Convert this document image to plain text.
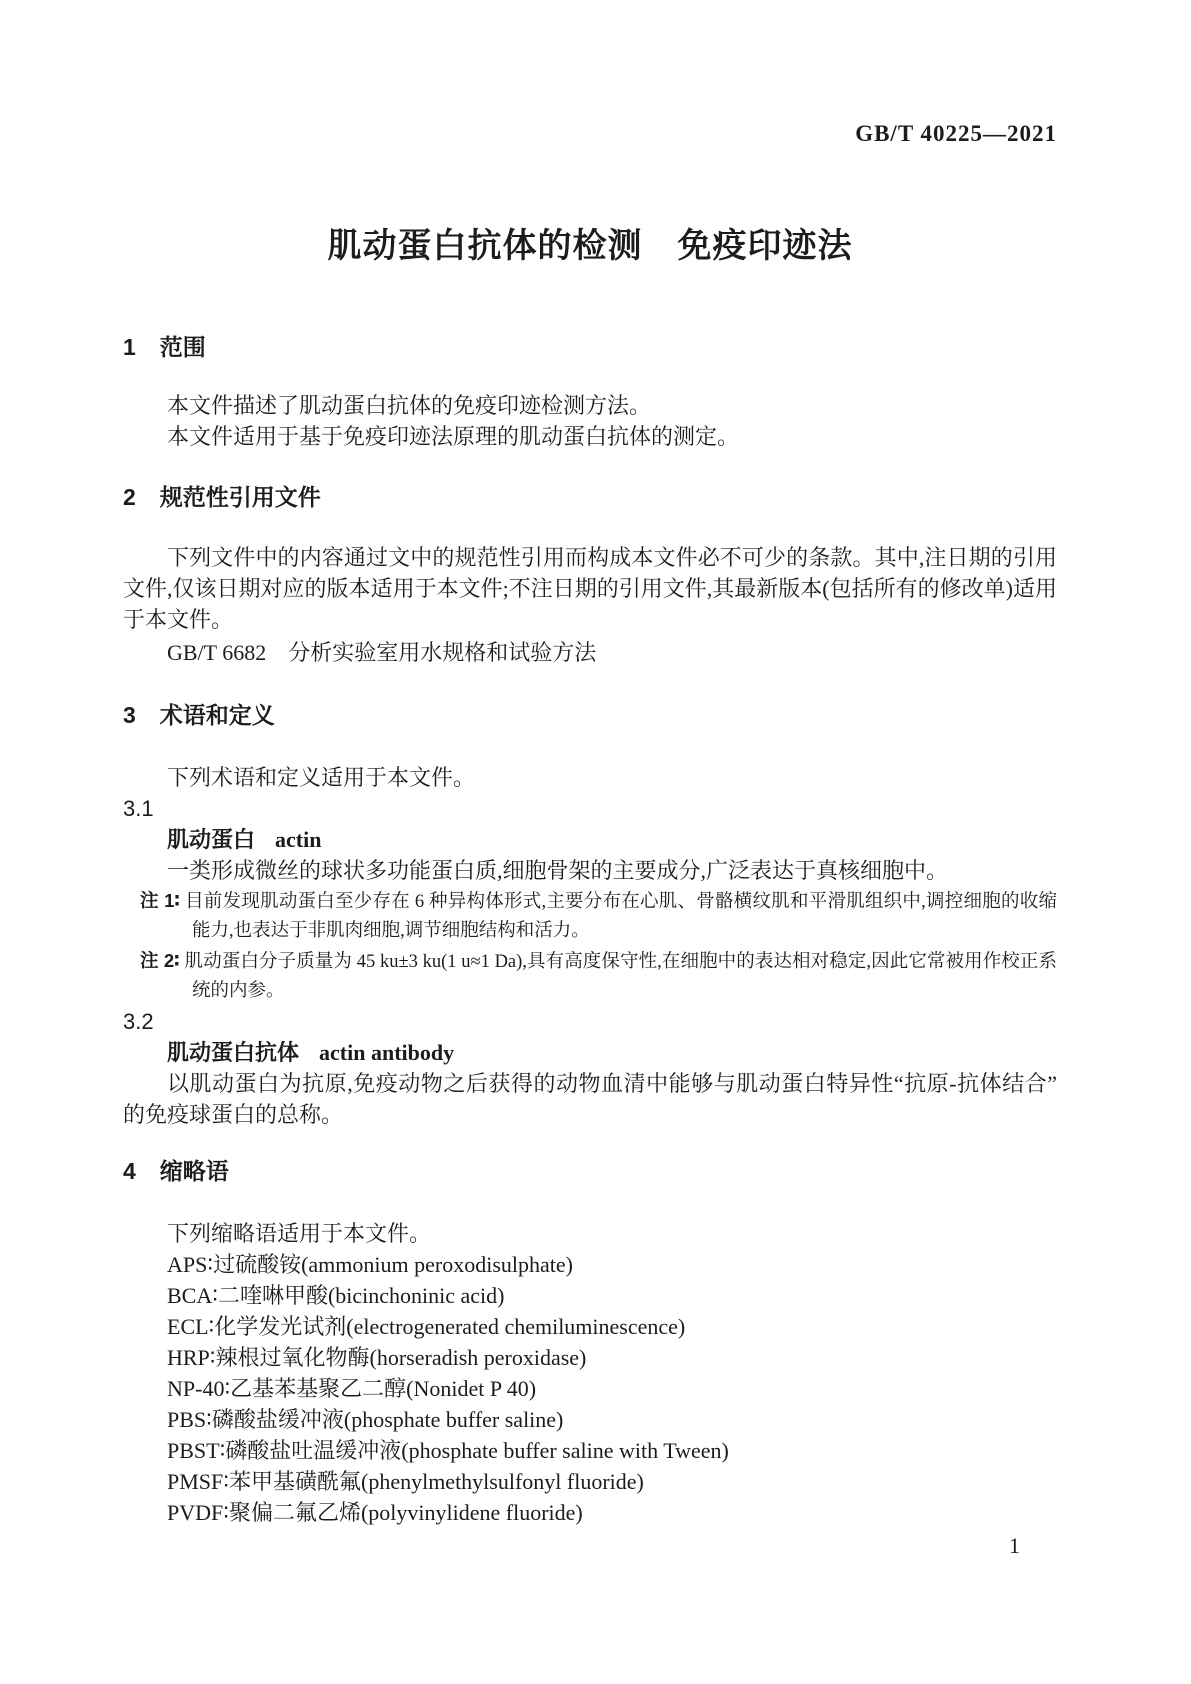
GB/T 40225—2021
肌动蛋白抗体的检测　免疫印迹法
1 范围

本文件描述了肌动蛋白抗体的免疫印迹检测方法。

本文件适用于基于免疫印迹法原理的肌动蛋白抗体的测定。

2 规范性引用文件

下列文件中的内容通过文中的规范性引用而构成本文件必不可少的条款。其中,注日期的引用文件,仅该日期对应的版本适用于本文件;不注日期的引用文件,其最新版本(包括所有的修改单)适用于本文件。

GB/T 6682　分析实验室用水规格和试验方法

3 术语和定义

下列术语和定义适用于本文件。

3.1

肌动蛋白 actin

一类形成微丝的球状多功能蛋白质,细胞骨架的主要成分,广泛表达于真核细胞中。

注 1∶ 目前发现肌动蛋白至少存在 6 种异构体形式,主要分布在心肌、骨骼横纹肌和平滑肌组织中,调控细胞的收缩能力,也表达于非肌肉细胞,调节细胞结构和活力。

注 2∶ 肌动蛋白分子质量为 45 ku±3 ku(1 u≈1 Da),具有高度保守性,在细胞中的表达相对稳定,因此它常被用作校正系统的内参。

3.2

肌动蛋白抗体 actin antibody

以肌动蛋白为抗原,免疫动物之后获得的动物血清中能够与肌动蛋白特异性“抗原-抗体结合”的免疫球蛋白的总称。

4 缩略语

下列缩略语适用于本文件。

APS∶过硫酸铵(ammonium peroxodisulphate)

BCA∶二喹啉甲酸(bicinchoninic acid)

ECL∶化学发光试剂(electrogenerated chemiluminescence)

HRP∶辣根过氧化物酶(horseradish peroxidase)

NP-40∶乙基苯基聚乙二醇(Nonidet P 40)

PBS∶磷酸盐缓冲液(phosphate buffer saline)

PBST∶磷酸盐吐温缓冲液(phosphate buffer saline with Tween)

PMSF∶苯甲基磺酰氟(phenylmethylsulfonyl fluoride)

PVDF∶聚偏二氟乙烯(polyvinylidene fluoride)

1
